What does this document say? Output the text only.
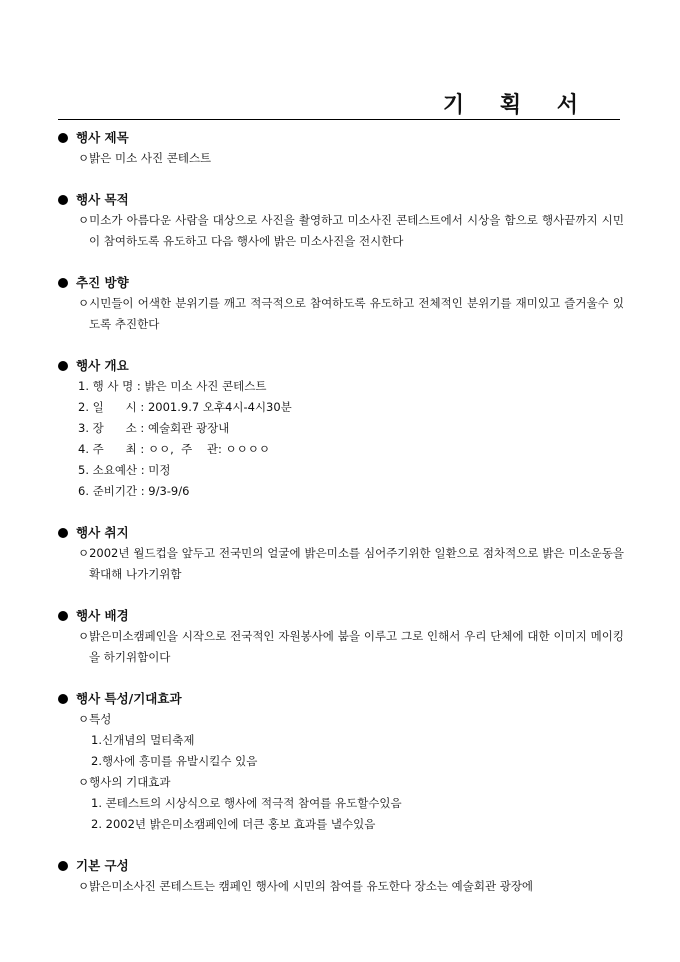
기 획 서
행사 제목
ㅇ밝은 미소 사진 콘테스트
행사 목적
ㅇ미소가 아름다운 사람을 대상으로 사진을 촬영하고 미소사진 콘테스트에서 시상을 함으로 행사끝까지 시민이 참여하도록 유도하고 다음 행사에 밝은 미소사진을 전시한다
추진 방향
ㅇ시민들이 어색한 분위기를 깨고 적극적으로 참여하도록 유도하고 전체적인 분위기를 재미있고 즐거울수 있도록 추진한다
행사 개요
1. 행 사 명 : 밝은 미소 사진 콘테스트
2. 일      시 : 2001.9.7 오후4시-4시30분
3. 장      소 : 예술회관 광장내
4. 주      최 : ㅇㅇ,  주    관: ㅇㅇㅇㅇ
5. 소요예산 : 미정
6. 준비기간 : 9/3-9/6
행사 취지
ㅇ2002년 월드컵을 앞두고 전국민의 얼굴에 밝은미소를 심어주기위한 일환으로 점차적으로 밝은 미소운동을 확대해 나가기위함
행사 배경
ㅇ밝은미소캠페인을 시작으로 전국적인 자원봉사에 붐을 이루고 그로 인해서 우리 단체에 대한 이미지 메이킹을 하기위함이다
행사 특성/기대효과
ㅇ특성
1.신개념의 멀티축제
2.행사에 흥미를 유발시킬수 있음
ㅇ행사의 기대효과
1. 콘테스트의 시상식으로 행사에 적극적 참여를 유도할수있음
2. 2002년 밝은미소캠페인에 더큰 홍보 효과를 낼수있음
기본 구성
ㅇ밝은미소사진 콘테스트는 캠페인 행사에 시민의 참여를 유도한다 장소는 예술회관 광장에
